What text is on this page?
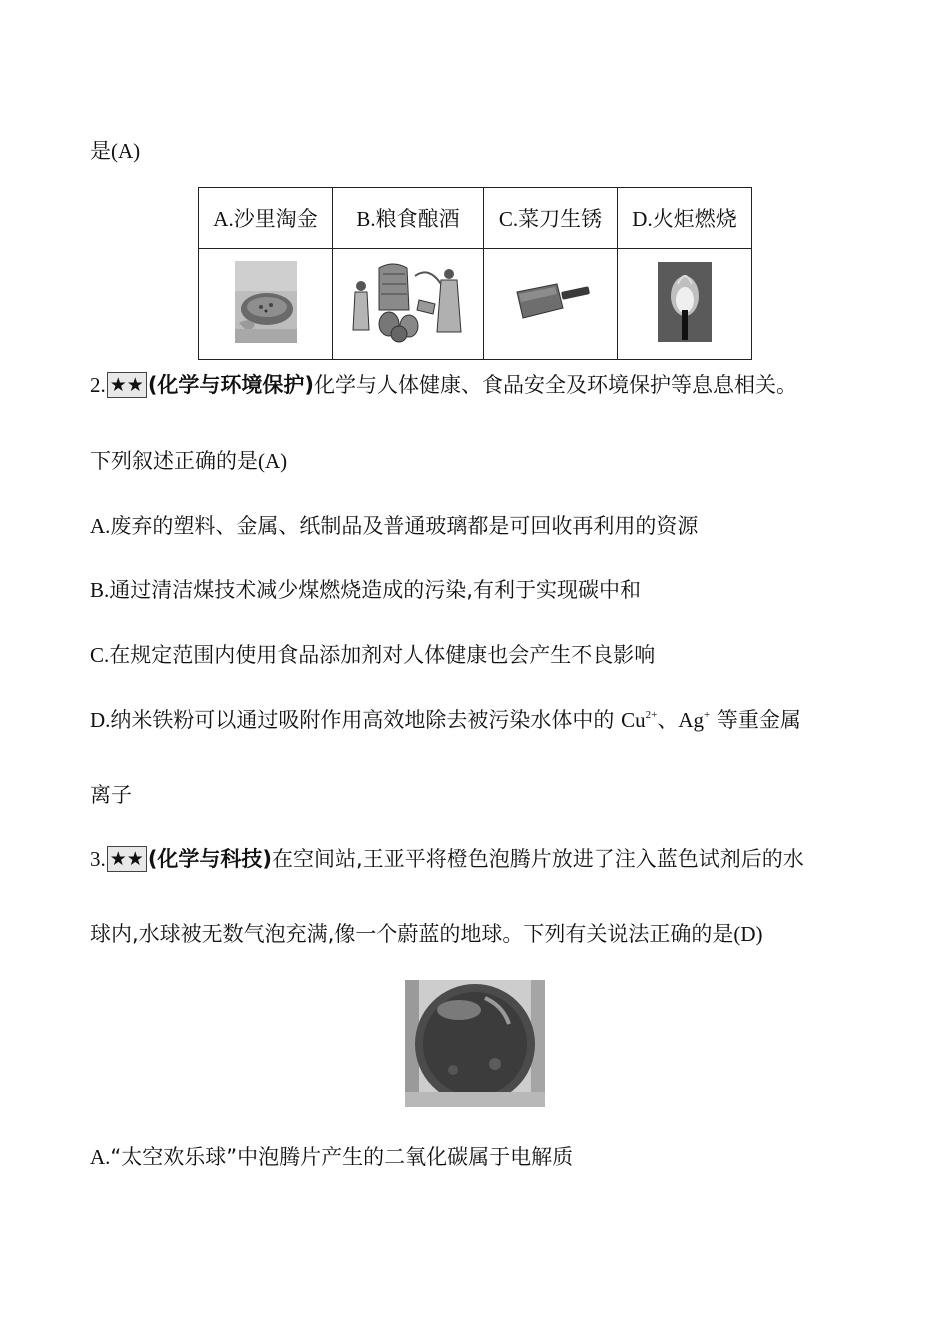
是(A)
A.沙里淘金	B.粮食酿酒	C.菜刀生锈	D.火炬燃烧

2. ★★ (化学与环境保护)化学与人体健康、食品安全及环境保护等息息相关。
下列叙述正确的是(A)
A.废弃的塑料、金属、纸制品及普通玻璃都是可回收再利用的资源
B.通过清洁煤技术减少煤燃烧造成的污染,有利于实现碳中和
C.在规定范围内使用食品添加剂对人体健康也会产生不良影响
D.纳米铁粉可以通过吸附作用高效地除去被污染水体中的 $Cu^{2+}$、Ag+ 等重金属
离子
3. ★★ (化学与科技)在空间站,王亚平将橙色泡腾片放进了注入蓝色试剂后的水
球内,水球被无数气泡充满,像一个蔚蓝的地球。下列有关说法正确的是(D)
A.“太空欢乐球”中泡腾片产生的二氧化碳属于电解质
